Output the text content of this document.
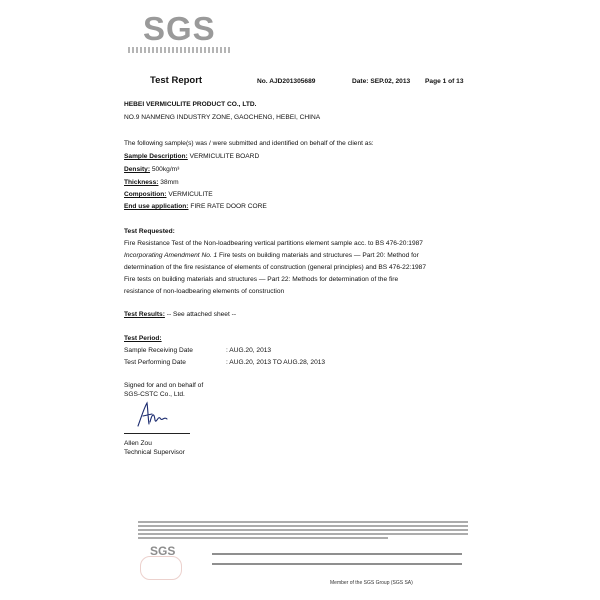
SGS
Test Report	No. AJD201305689	Date: SEP.02, 2013 Page 1 of 13
HEBEI VERMICULITE PRODUCT CO., LTD.
NO.9 NANMENG INDUSTRY ZONE, GAOCHENG, HEBEI, CHINA
The following sample(s) was / were submitted and identified on behalf of the client as:
Sample Description: VERMICULITE BOARD
Density: 500kg/m³
Thickness: 38mm
Composition: VERMICULITE
End use application: FIRE RATE DOOR CORE
Test Requested:
Fire Resistance Test of the Non-loadbearing vertical partitions element sample acc. to BS 476-20:1987
Incorporating Amendment No. 1 Fire tests on building materials and structures — Part 20: Method for
determination of the fire resistance of elements of construction (general principles) and BS 476-22:1987
Fire tests on building materials and structures — Part 22: Methods for determination of the fire
resistance of non-loadbearing elements of construction
Test Results: -- See attached sheet --
Test Period:
Sample Receiving Date	: AUG.20, 2013
Test Performing Date	: AUG.20, 2013 TO AUG.28, 2013
Signed for and on behalf of
SGS-CSTC Co., Ltd.
Allen Zou
Technical Supervisor
SGS
Member of the SGS Group (SGS SA)
